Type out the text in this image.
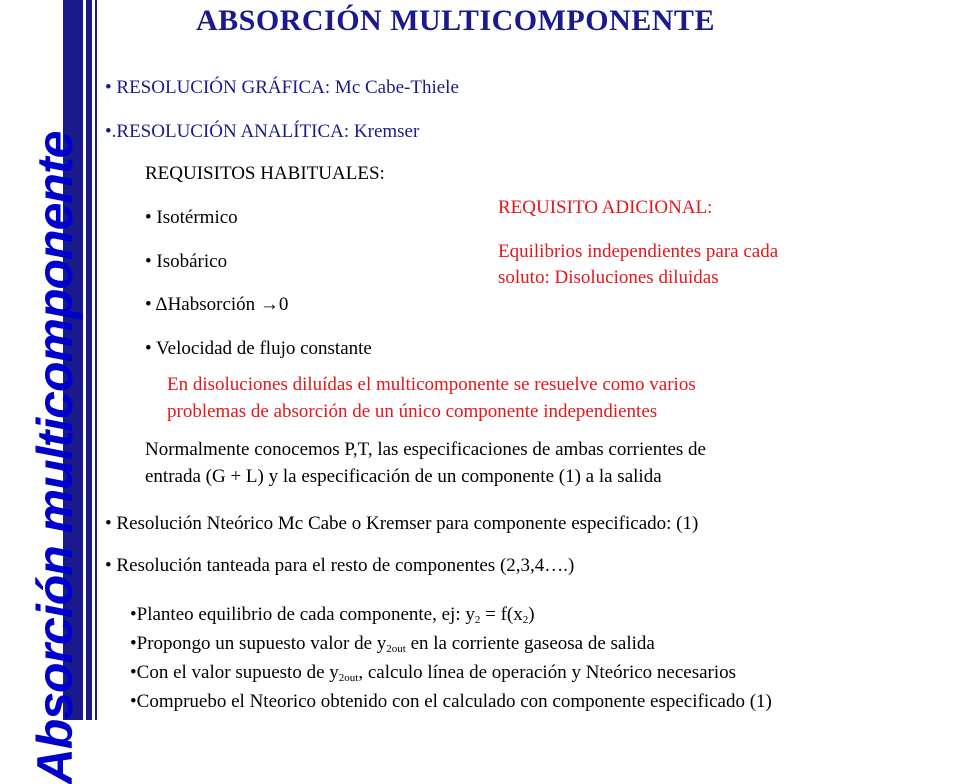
Absorción multicomponente
ABSORCIÓN MULTICOMPONENTE
• RESOLUCIÓN GRÁFICA: Mc Cabe-Thiele
•.RESOLUCIÓN ANALÍTICA: Kremser
REQUISITOS HABITUALES:
• Isotérmico
• Isobárico
• ΔHabsorción →0
• Velocidad de flujo constante
REQUISITO ADICIONAL:
Equilibrios independientes para cada
soluto: Disoluciones diluidas
En disoluciones diluídas el multicomponente se resuelve como varios
problemas de absorción de un único componente independientes
Normalmente conocemos P,T, las especificaciones de ambas corrientes de
entrada (G + L) y la especificación de un componente (1) a la salida
• Resolución Nteórico Mc Cabe o Kremser para componente especificado: (1)
• Resolución tanteada para el resto de componentes (2,3,4….)
•Planteo equilibrio de cada componente, ej: $y_2 = f(x_2)$
•Propongo un supuesto valor de $y_{2out}$ en la corriente gaseosa de salida
•Con el valor supuesto de $y_{2out}$, calculo línea de operación y Nteórico necesarios
•Compruebo el Nteorico obtenido con el calculado con componente especificado (1)
